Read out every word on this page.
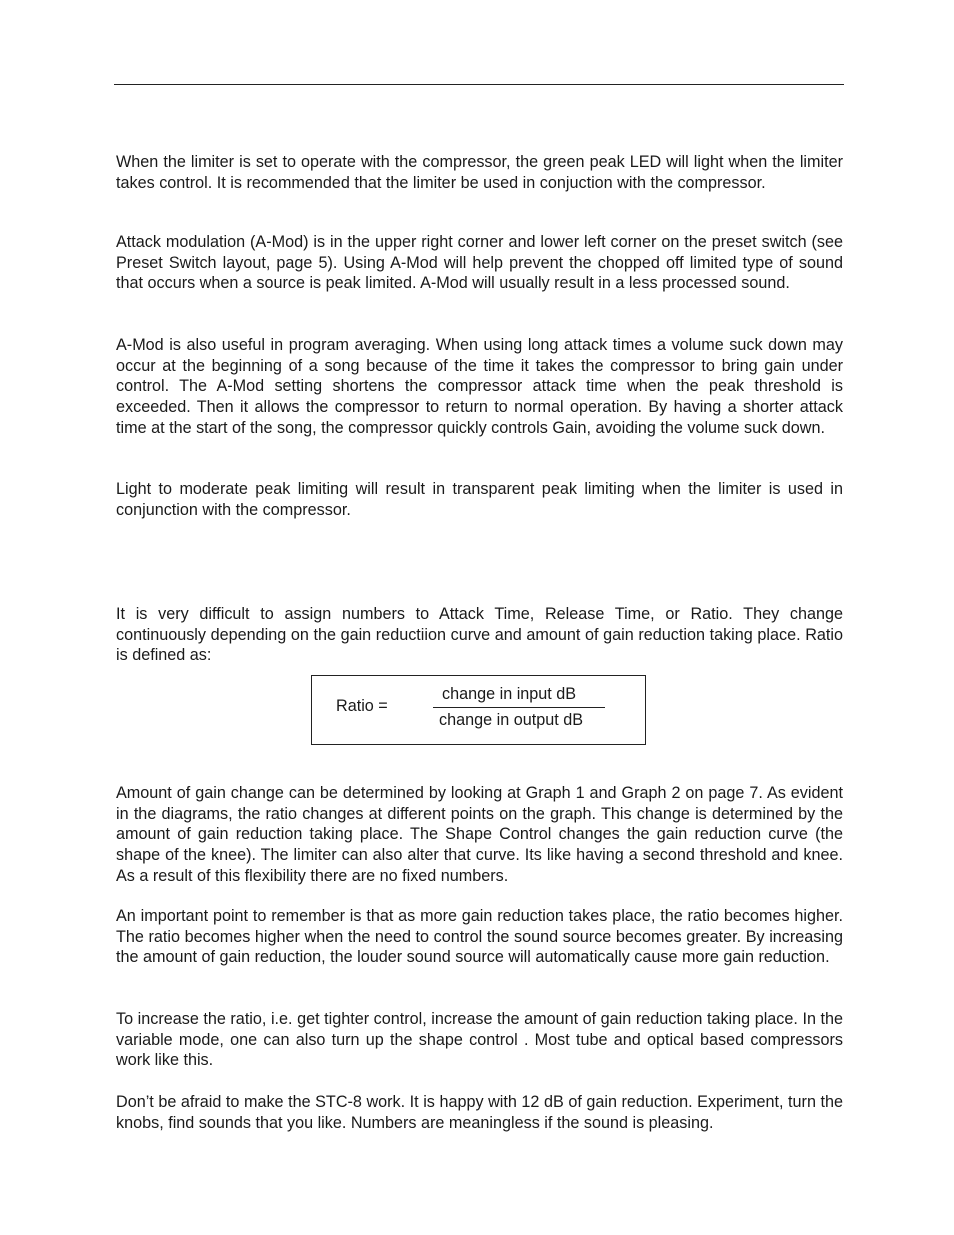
When the limiter is set to operate with the compressor, the green peak LED will light when the limiter takes control. It is recommended that the limiter be used in conjuction with the compressor.

Attack modulation (A-Mod) is in the upper right corner and lower left corner on the preset switch (see Preset Switch layout, page 5). Using A-Mod will help prevent the chopped off limited type of sound that occurs when a source is peak limited. A-Mod will usually result in a less processed sound.

A-Mod is also useful in program averaging. When using long attack times a volume suck down may occur at the beginning of a song because of the time it takes the compressor to bring gain under control. The A-Mod setting shortens the compressor attack time when the peak threshold is exceeded. Then it allows the compressor to return to normal operation. By having a shorter attack time at the start of the song, the compressor quickly controls Gain, avoiding the volume suck down.

Light to moderate peak limiting will result in transparent peak limiting when the limiter is used in conjunction with the compressor.

It is very difficult to assign numbers to Attack Time, Release Time, or Ratio. They change continuously depending on the gain reductiion curve and amount of gain reduction taking place. Ratio is defined as:

Ratio =
change in input dB
change in output dB

Amount of gain change can be determined by looking at Graph 1 and Graph 2 on page 7. As evident in the diagrams, the ratio changes at different points on the graph. This change is determined by the amount of gain reduction taking place. The Shape Control changes the gain reduction curve (the shape of the knee). The limiter can also alter that curve. Its like having a second threshold and knee. As a result of this flexibility there are no fixed numbers.

An important point to remember is that as more gain reduction takes place, the ratio becomes higher. The ratio becomes higher when the need to control the sound source becomes greater. By increasing the amount of gain reduction, the louder sound source will automatically cause more gain reduction.

To increase the ratio, i.e. get tighter control, increase the amount of gain reduction taking place. In the variable mode, one can also turn up the shape control . Most tube and optical based compressors work like this.

Don’t be afraid to make the STC-8 work. It is happy with 12 dB of gain reduction. Experiment, turn the knobs, find sounds that you like. Numbers are meaningless if the sound is pleasing.
